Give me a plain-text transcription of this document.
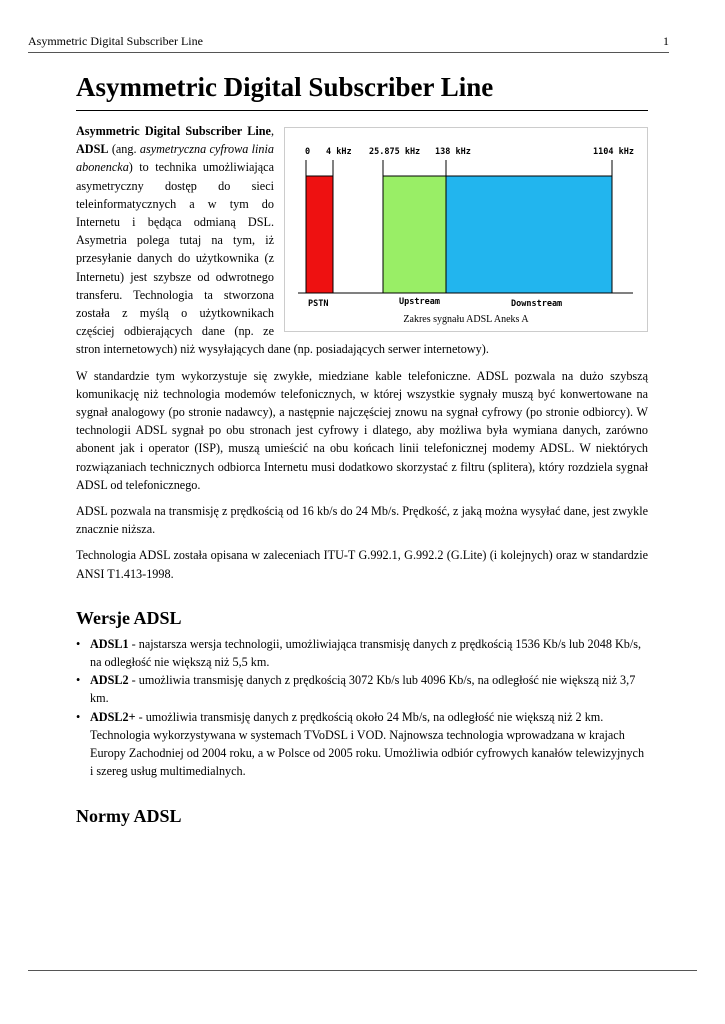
Asymmetric Digital Subscriber Line	1
Asymmetric Digital Subscriber Line
0 4 kHz 25.875 kHz 138 kHz	1104 kHz
PSTN	Upstream	Downstream
Zakres sygnału ADSL Aneks A

Asymmetric Digital Subscriber Line, ADSL (ang. asymetryczna cyfrowa linia abonencka) to technika umożliwiająca asymetryczny dostęp do sieci teleinformatycznych a w tym do Internetu i będąca odmianą DSL. Asymetria polega tutaj na tym, iż przesyłanie danych do użytkownika (z Internetu) jest szybsze od odwrotnego transferu. Technologia ta stworzona została z myślą o użytkownikach częściej odbierających dane (np. ze stron internetowych) niż wysyłających dane (np. posiadających serwer internetowy).

W standardzie tym wykorzystuje się zwykłe, miedziane kable telefoniczne. ADSL pozwala na dużo szybszą komunikację niż technologia modemów telefonicznych, w której wszystkie sygnały muszą być konwertowane na sygnał analogowy (po stronie nadawcy), a następnie najczęściej znowu na sygnał cyfrowy (po stronie odbiorcy). W technologii ADSL sygnał po obu stronach jest cyfrowy i dlatego, aby możliwa była wymiana danych, zarówno abonent jak i operator (ISP), muszą umieścić na obu końcach linii telefonicznej modemy ADSL. W niektórych rozwiązaniach technicznych odbiorca Internetu musi dodatkowo skorzystać z filtru (splitera), który rozdziela sygnał ADSL od telefonicznego.

ADSL pozwala na transmisję z prędkością od 16 kb/s do 24 Mb/s. Prędkość, z jaką można wysyłać dane, jest zwykle znacznie niższa.

Technologia ADSL została opisana w zaleceniach ITU-T G.992.1, G.992.2 (G.Lite) (i kolejnych) oraz w standardzie ANSI T1.413-1998.

Wersje ADSL
• ADSL1 - najstarsza wersja technologii, umożliwiająca transmisję danych z prędkością 1536 Kb/s lub 2048 Kb/s, na odległość nie większą niż 5,5 km.
• ADSL2 - umożliwia transmisję danych z prędkością 3072 Kb/s lub 4096 Kb/s, na odległość nie większą niż 3,7 km.
• ADSL2+ - umożliwia transmisję danych z prędkością około 24 Mb/s, na odległość nie większą niż 2 km. Technologia wykorzystywana w systemach TVoDSL i VOD. Najnowsza technologia wprowadzana w krajach Europy Zachodniej od 2004 roku, a w Polsce od 2005 roku. Umożliwia odbiór cyfrowych kanałów telewizyjnych i szereg usług multimedialnych.
Normy ADSL
